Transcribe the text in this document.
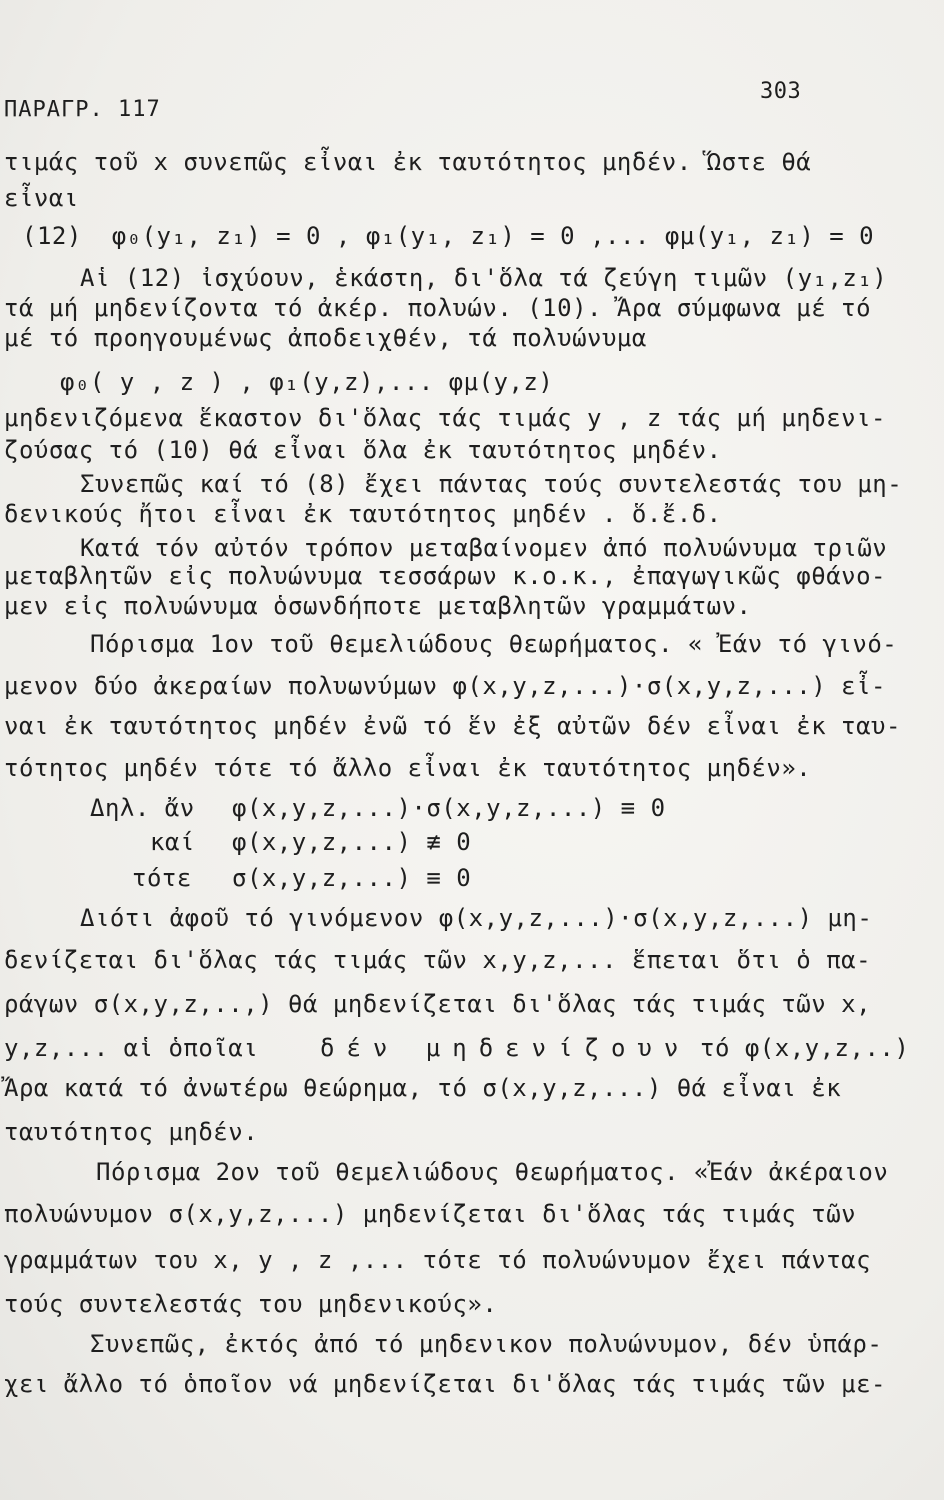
ΠΑΡΑΓΡ. 117
303
τιμάς τοῦ x συνεπῶς εἶναι ἐκ ταυτότητος μηδέν. Ὥστε θά
εἶναι
(12)  φ₀(y₁, z₁) = 0 , φ₁(y₁, z₁) = 0 ,... φμ(y₁, z₁) = 0
Αἱ (12) ἰσχύουν, ἑκάστη, δι'ὅλα τά ζεύγη τιμῶν (y₁,z₁)
τά μή μηδενίζοντα τό ἀκέρ. πολυών. (10). Ἄρα σύμφωνα μέ τό
μέ τό προηγουμένως ἀποδειχθέν, τά πολυώνυμα
φ₀( y , z ) , φ₁(y,z),... φμ(y,z)
μηδενιζόμενα ἕκαστον δι'ὅλας τάς τιμάς y , z τάς μή μηδενι-
ζούσας τό (10) θά εἶναι ὅλα ἐκ ταυτότητος μηδέν.
Συνεπῶς καί τό (8) ἔχει πάντας τούς συντελεστάς του μη-
δενικούς ἤτοι εἶναι ἐκ ταυτότητος μηδέν . ὅ.ἔ.δ.
Κατά τόν αὐτόν τρόπον μεταβαίνομεν ἀπό πολυώνυμα τριῶν
μεταβλητῶν εἰς πολυώνυμα τεσσάρων κ.ο.κ., ἐπαγωγικῶς φθάνο-
μεν εἰς πολυώνυμα ὁσωνδήποτε μεταβλητῶν γραμμάτων.
Πόρισμα 1ον τοῦ θεμελιώδους θεωρήματος. « Ἐάν τό γινό-
μενον δύο ἀκεραίων πολυωνύμων φ(x,y,z,...)·σ(x,y,z,...) εἶ-
ναι ἐκ ταυτότητος μηδέν ἐνῶ τό ἕν ἐξ αὐτῶν δέν εἶναι ἐκ ταυ-
τότητος μηδέν τότε τό ἄλλο εἶναι ἐκ ταυτότητος μηδέν».
Δηλ. ἄν φ(x,y,z,...)·σ(x,y,z,...) ≡ 0
καί φ(x,y,z,...) ≢ 0
τότε σ(x,y,z,...) ≡ 0
Διότι ἀφοῦ τό γινόμενον φ(x,y,z,...)·σ(x,y,z,...) μη-
δενίζεται δι'ὅλας τάς τιμάς τῶν x,y,z,... ἕπεται ὅτι ὁ πα-
ράγων σ(x,y,z,..,) θά μηδενίζεται δι'ὅλας τάς τιμάς τῶν x,
y,z,... αἱ ὁποῖαι	δέν μηδενίζουν τό φ(x,y,z,..)
Ἄρα κατά τό ἀνωτέρω θεώρημα, τό σ(x,y,z,...) θά εἶναι ἐκ
ταυτότητος μηδέν.
Πόρισμα 2ον τοῦ θεμελιώδους θεωρήματος. «Ἐάν ἀκέραιον
πολυώνυμον σ(x,y,z,...) μηδενίζεται δι'ὅλας τάς τιμάς τῶν
γραμμάτων του x, y , z ,... τότε τό πολυώνυμον ἔχει πάντας
τούς συντελεστάς του μηδενικούς».
Συνεπῶς, ἐκτός ἀπό τό μηδενικον πολυώνυμον, δέν ὑπάρ-
χει ἄλλο τό ὁποῖον νά μηδενίζεται δι'ὅλας τάς τιμάς τῶν με-
